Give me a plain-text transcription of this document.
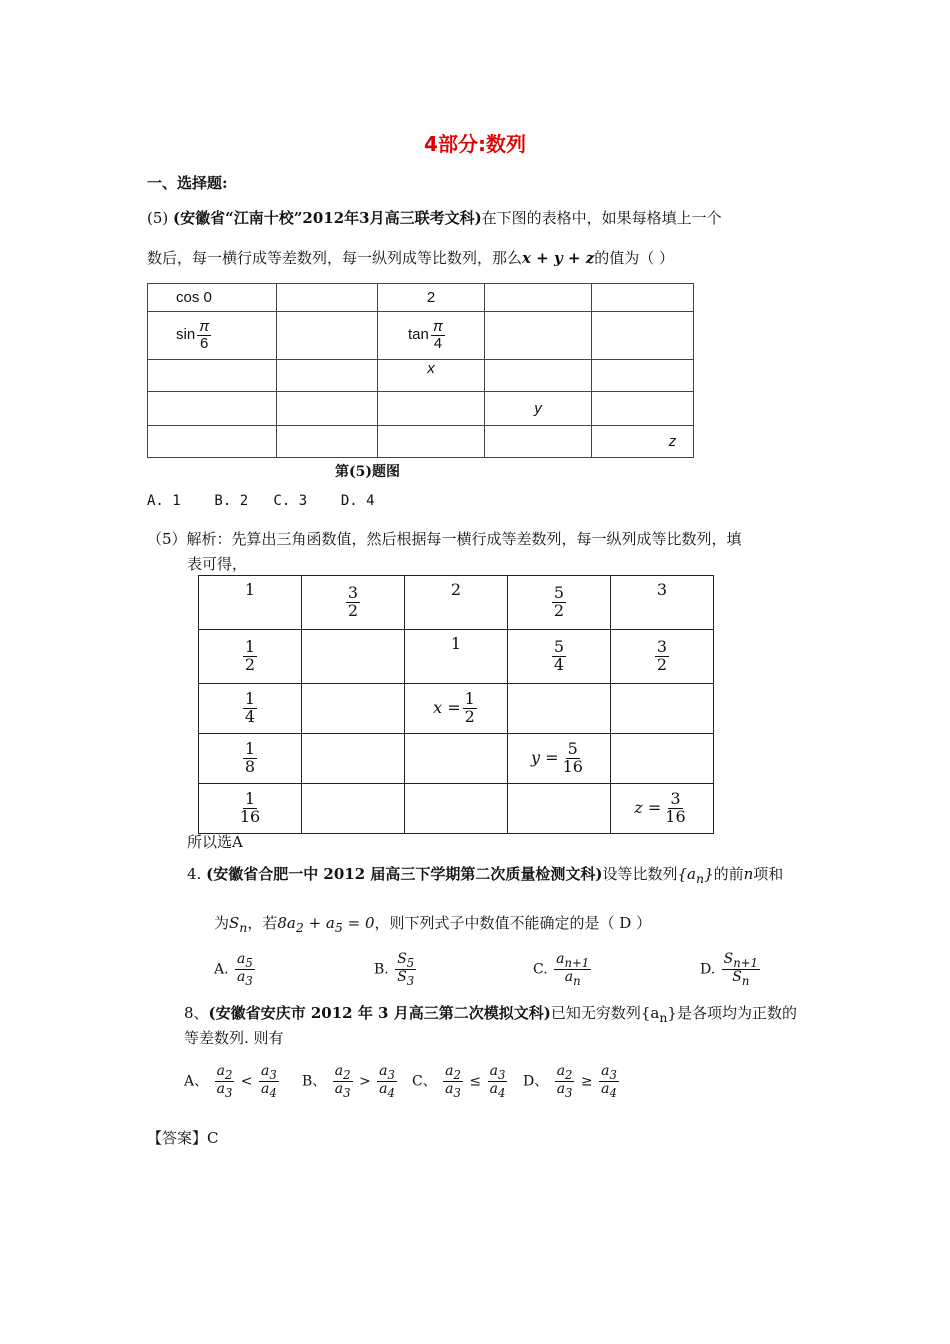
4部分:数列
一、选择题:
(5) (安徽省“江南十校”2012年3月高三联考文科)在下图的表格中，如果每格填上一个
数后，每一横行成等差数列，每一纵列成等比数列，那么x + y + z的值为（ ）
cos 0		2		
$\sin \frac{\pi}{6}$		$\tan \frac{\pi}{4}$

		x		
			y	
				z
第(5)题图
A. 1    B. 2   C. 3    D. 4
（5）解析：先算出三角函数值，然后根据每一横行成等差数列，每一纵列成等比数列，填
表可得，
1	$\frac{3}{2}$	2	$\frac{5}{2}$	3

$\frac{1}{2}$		1	$\frac{5}{4}$	$\frac{3}{2}$

$\frac{1}{4}$		$x = \frac{1}{2}$

$\frac{1}{8}$			$y = \frac{5}{16}$

$\frac{1}{16}$				$z = \frac{3}{16}$
所以选A
4. (安徽省合肥一中 2012 届高三下学期第二次质量检测文科)设等比数列$\{a_n\}$的前n项和
为$S_n$，若$8a_2 + a_5 = 0$，则下列式子中数值不能确定的是（ D ）
A. $\frac{a_5}{a_3}$	B. $\frac{S_5}{S_3}$	C. $\frac{a_{n+1}}{a_n}$	D. $\frac{S_{n+1}}{S_n}$
8、(安徽省安庆市 2012 年 3 月高三第二次模拟文科)已知无穷数列$\{a_n\}$是各项均为正数的
等差数列. 则有
A、 $\frac{a_2}{a_3} < \frac{a_3}{a_4}$ B、 $\frac{a_2}{a_3} > \frac{a_3}{a_4}$ C、 $\frac{a_2}{a_3} \le \frac{a_3}{a_4}$ D、 $\frac{a_2}{a_3} \ge \frac{a_3}{a_4}$
【答案】C
